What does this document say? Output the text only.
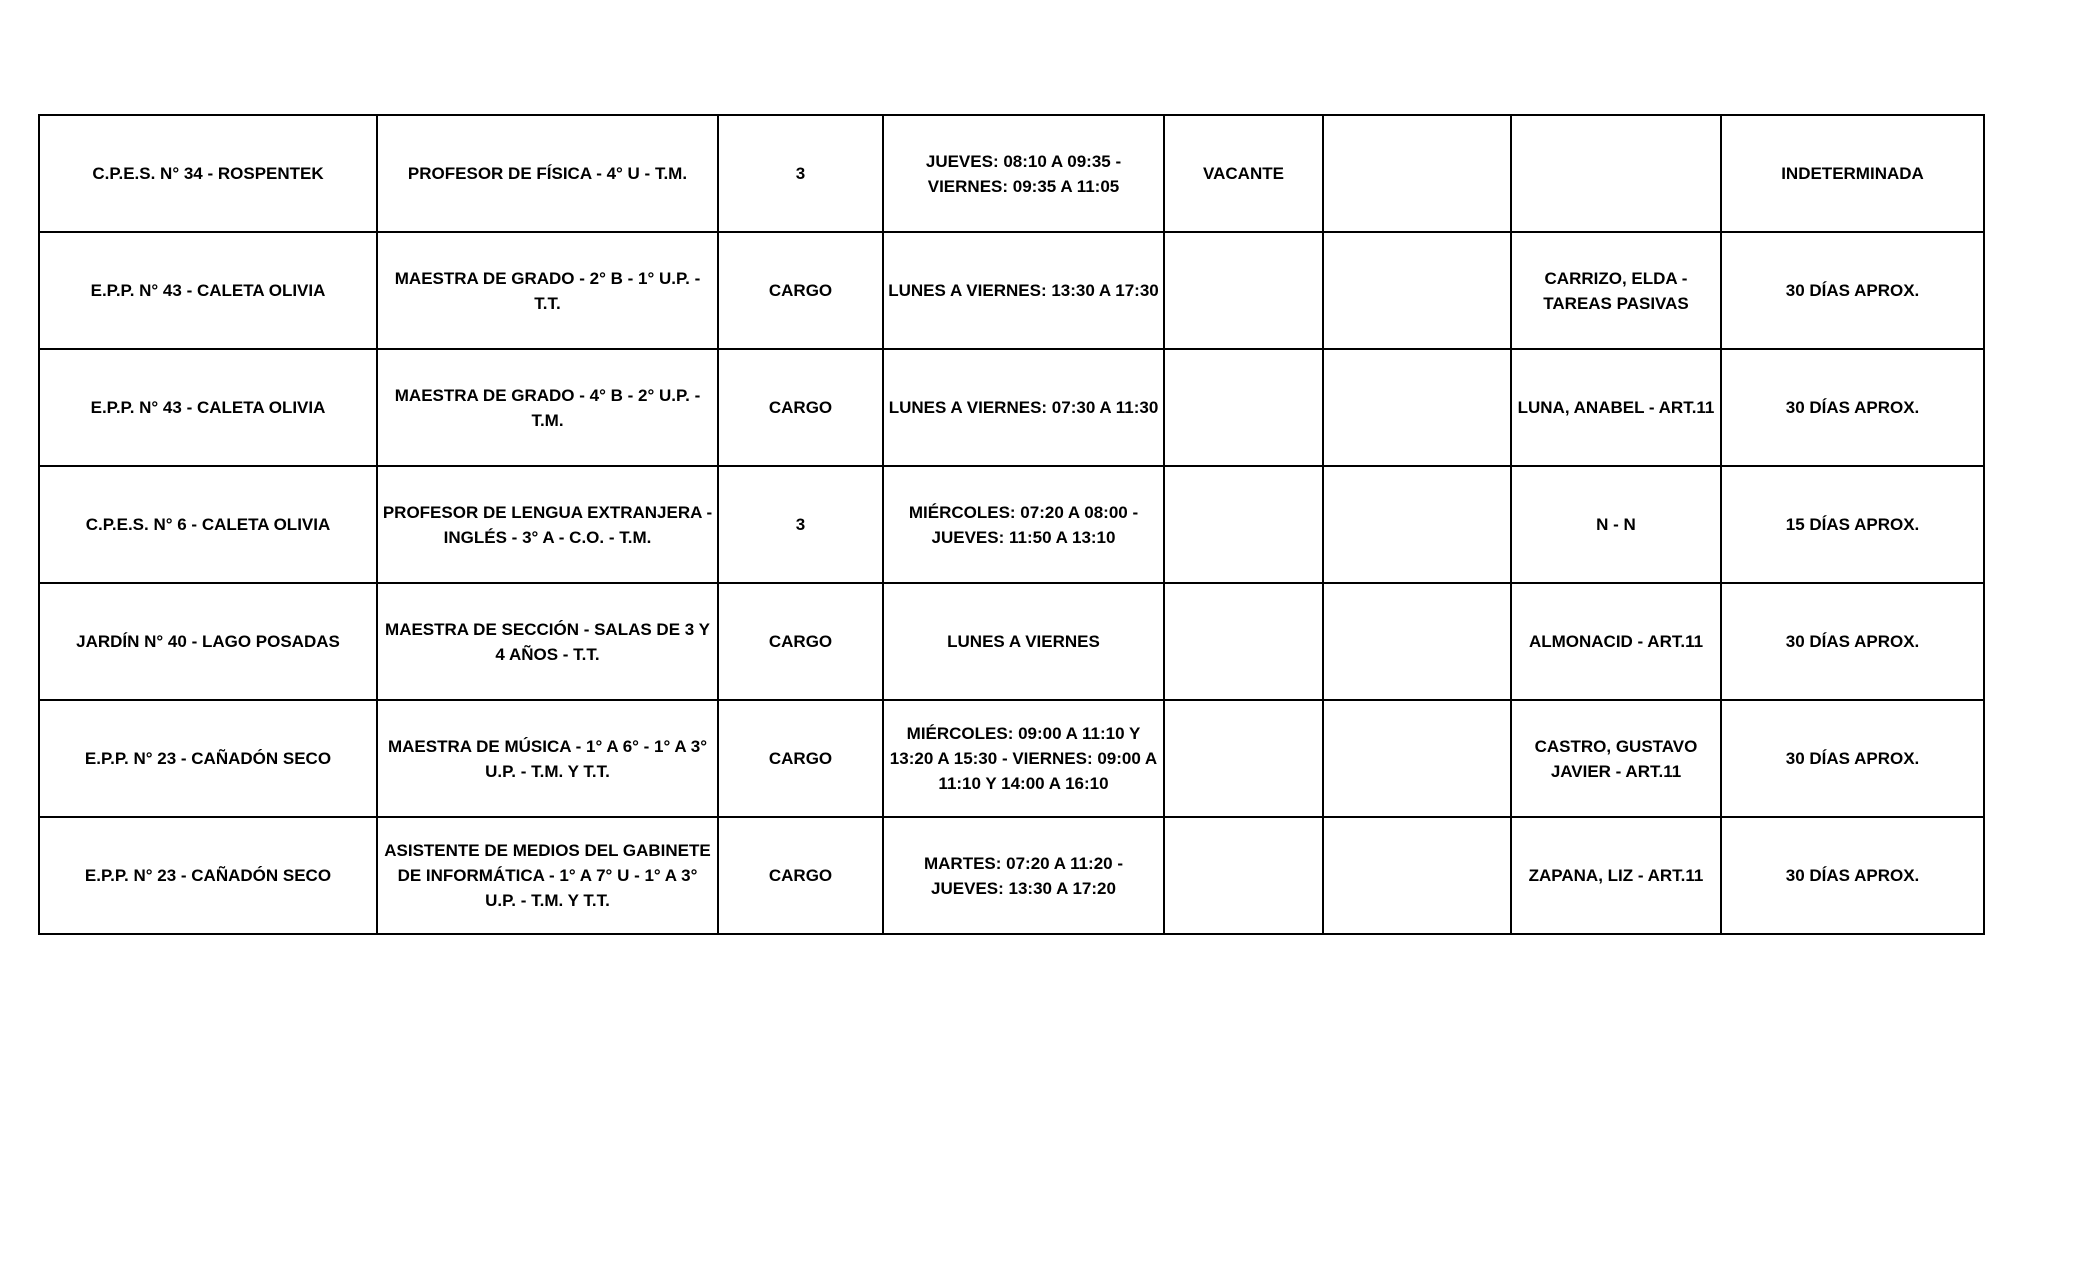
C.P.E.S. N° 34 - ROSPENTEK	PROFESOR DE FÍSICA - 4° U - T.M.	3	JUEVES: 08:10 A 09:35 - VIERNES: 09:35 A 11:05	VACANTE			INDETERMINADA
E.P.P. N° 43 - CALETA OLIVIA	MAESTRA DE GRADO - 2° B - 1° U.P. - T.T.	CARGO	LUNES A VIERNES: 13:30 A 17:30			CARRIZO, ELDA - TAREAS PASIVAS	30 DÍAS APROX.
E.P.P. N° 43 - CALETA OLIVIA	MAESTRA DE GRADO - 4° B - 2° U.P. - T.M.	CARGO	LUNES A VIERNES: 07:30 A 11:30			LUNA, ANABEL - ART.11	30 DÍAS APROX.
C.P.E.S. N° 6 - CALETA OLIVIA	PROFESOR DE LENGUA EXTRANJERA - INGLÉS - 3° A - C.O. - T.M.	3	MIÉRCOLES: 07:20 A 08:00 - JUEVES: 11:50 A 13:10			N - N	15 DÍAS APROX.
JARDÍN N° 40 - LAGO POSADAS	MAESTRA DE SECCIÓN - SALAS DE 3 Y 4 AÑOS - T.T.	CARGO	LUNES A VIERNES			ALMONACID - ART.11	30 DÍAS APROX.
E.P.P. N° 23 - CAÑADÓN SECO	MAESTRA DE MÚSICA - 1° A 6° - 1° A 3° U.P. - T.M. Y T.T.	CARGO	MIÉRCOLES: 09:00 A 11:10 Y 13:20 A 15:30 - VIERNES: 09:00 A 11:10 Y 14:00 A 16:10			CASTRO, GUSTAVO JAVIER - ART.11	30 DÍAS APROX.
E.P.P. N° 23 - CAÑADÓN SECO	ASISTENTE DE MEDIOS DEL GABINETE DE INFORMÁTICA - 1° A 7° U - 1° A 3° U.P. - T.M. Y T.T.	CARGO	MARTES: 07:20 A 11:20 - JUEVES: 13:30 A 17:20			ZAPANA, LIZ - ART.11	30 DÍAS APROX.
